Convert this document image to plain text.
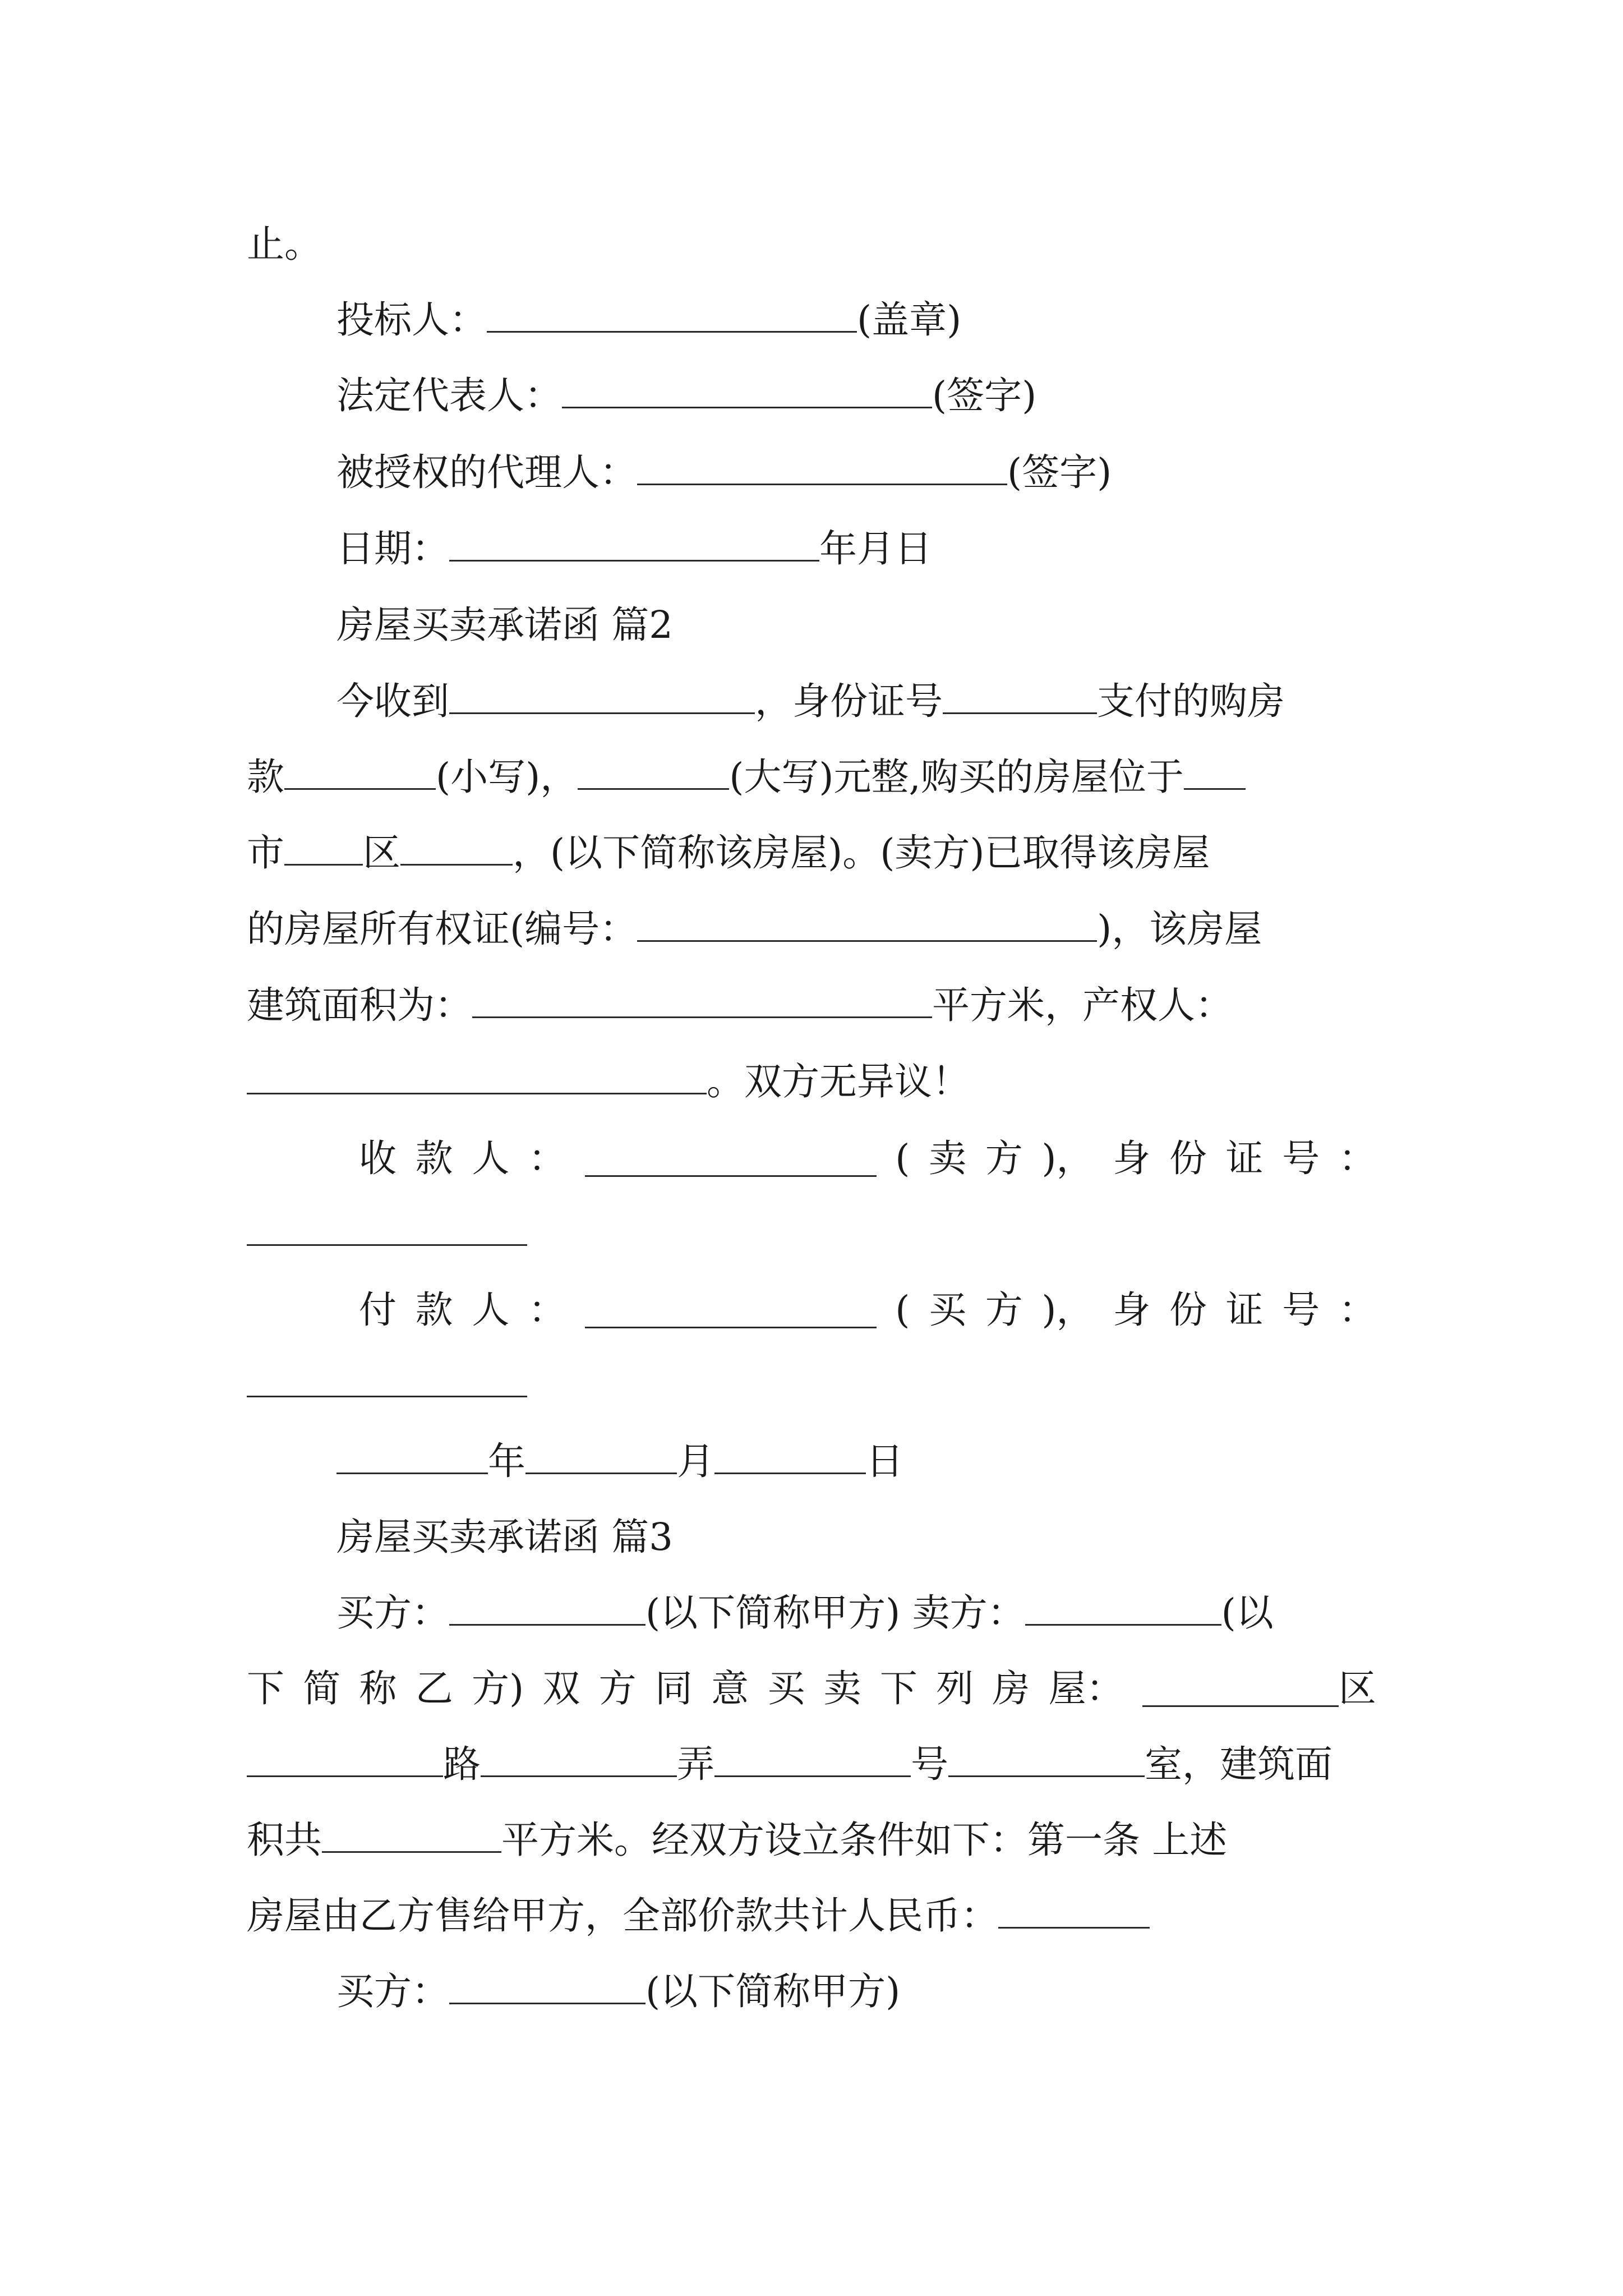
止。
投标人：	(盖章)
法定代表人：	(签字)
被授权的代理人：	(签字)
日期：	年月日
房屋买卖承诺函 篇2
今收到	，身份证号	支付的购房
款	(小写)，	(大写)元整,购买的房屋位于
市 区	，(以下简称该房屋)。(卖方)已取得该房屋
的房屋所有权证(编号：	)，该房屋
建筑面积为：	平方米，产权人：
。双方无异议！
收 款 人 ：	( 卖 方 )， 身 份 证 号 ：
付 款 人 ：	( 买 方 )， 身 份 证 号 ：
年	月	日
房屋买卖承诺函 篇3
买方：	(以下简称甲方) 卖方：	(以
下 简 称 乙 方) 双 方 同 意 买 卖 下 列 房 屋：	区
路	弄	号	室，建筑面
积共	平方米。经双方设立条件如下：第一条 上述
房屋由乙方售给甲方，全部价款共计人民币：
买方：	(以下简称甲方)
